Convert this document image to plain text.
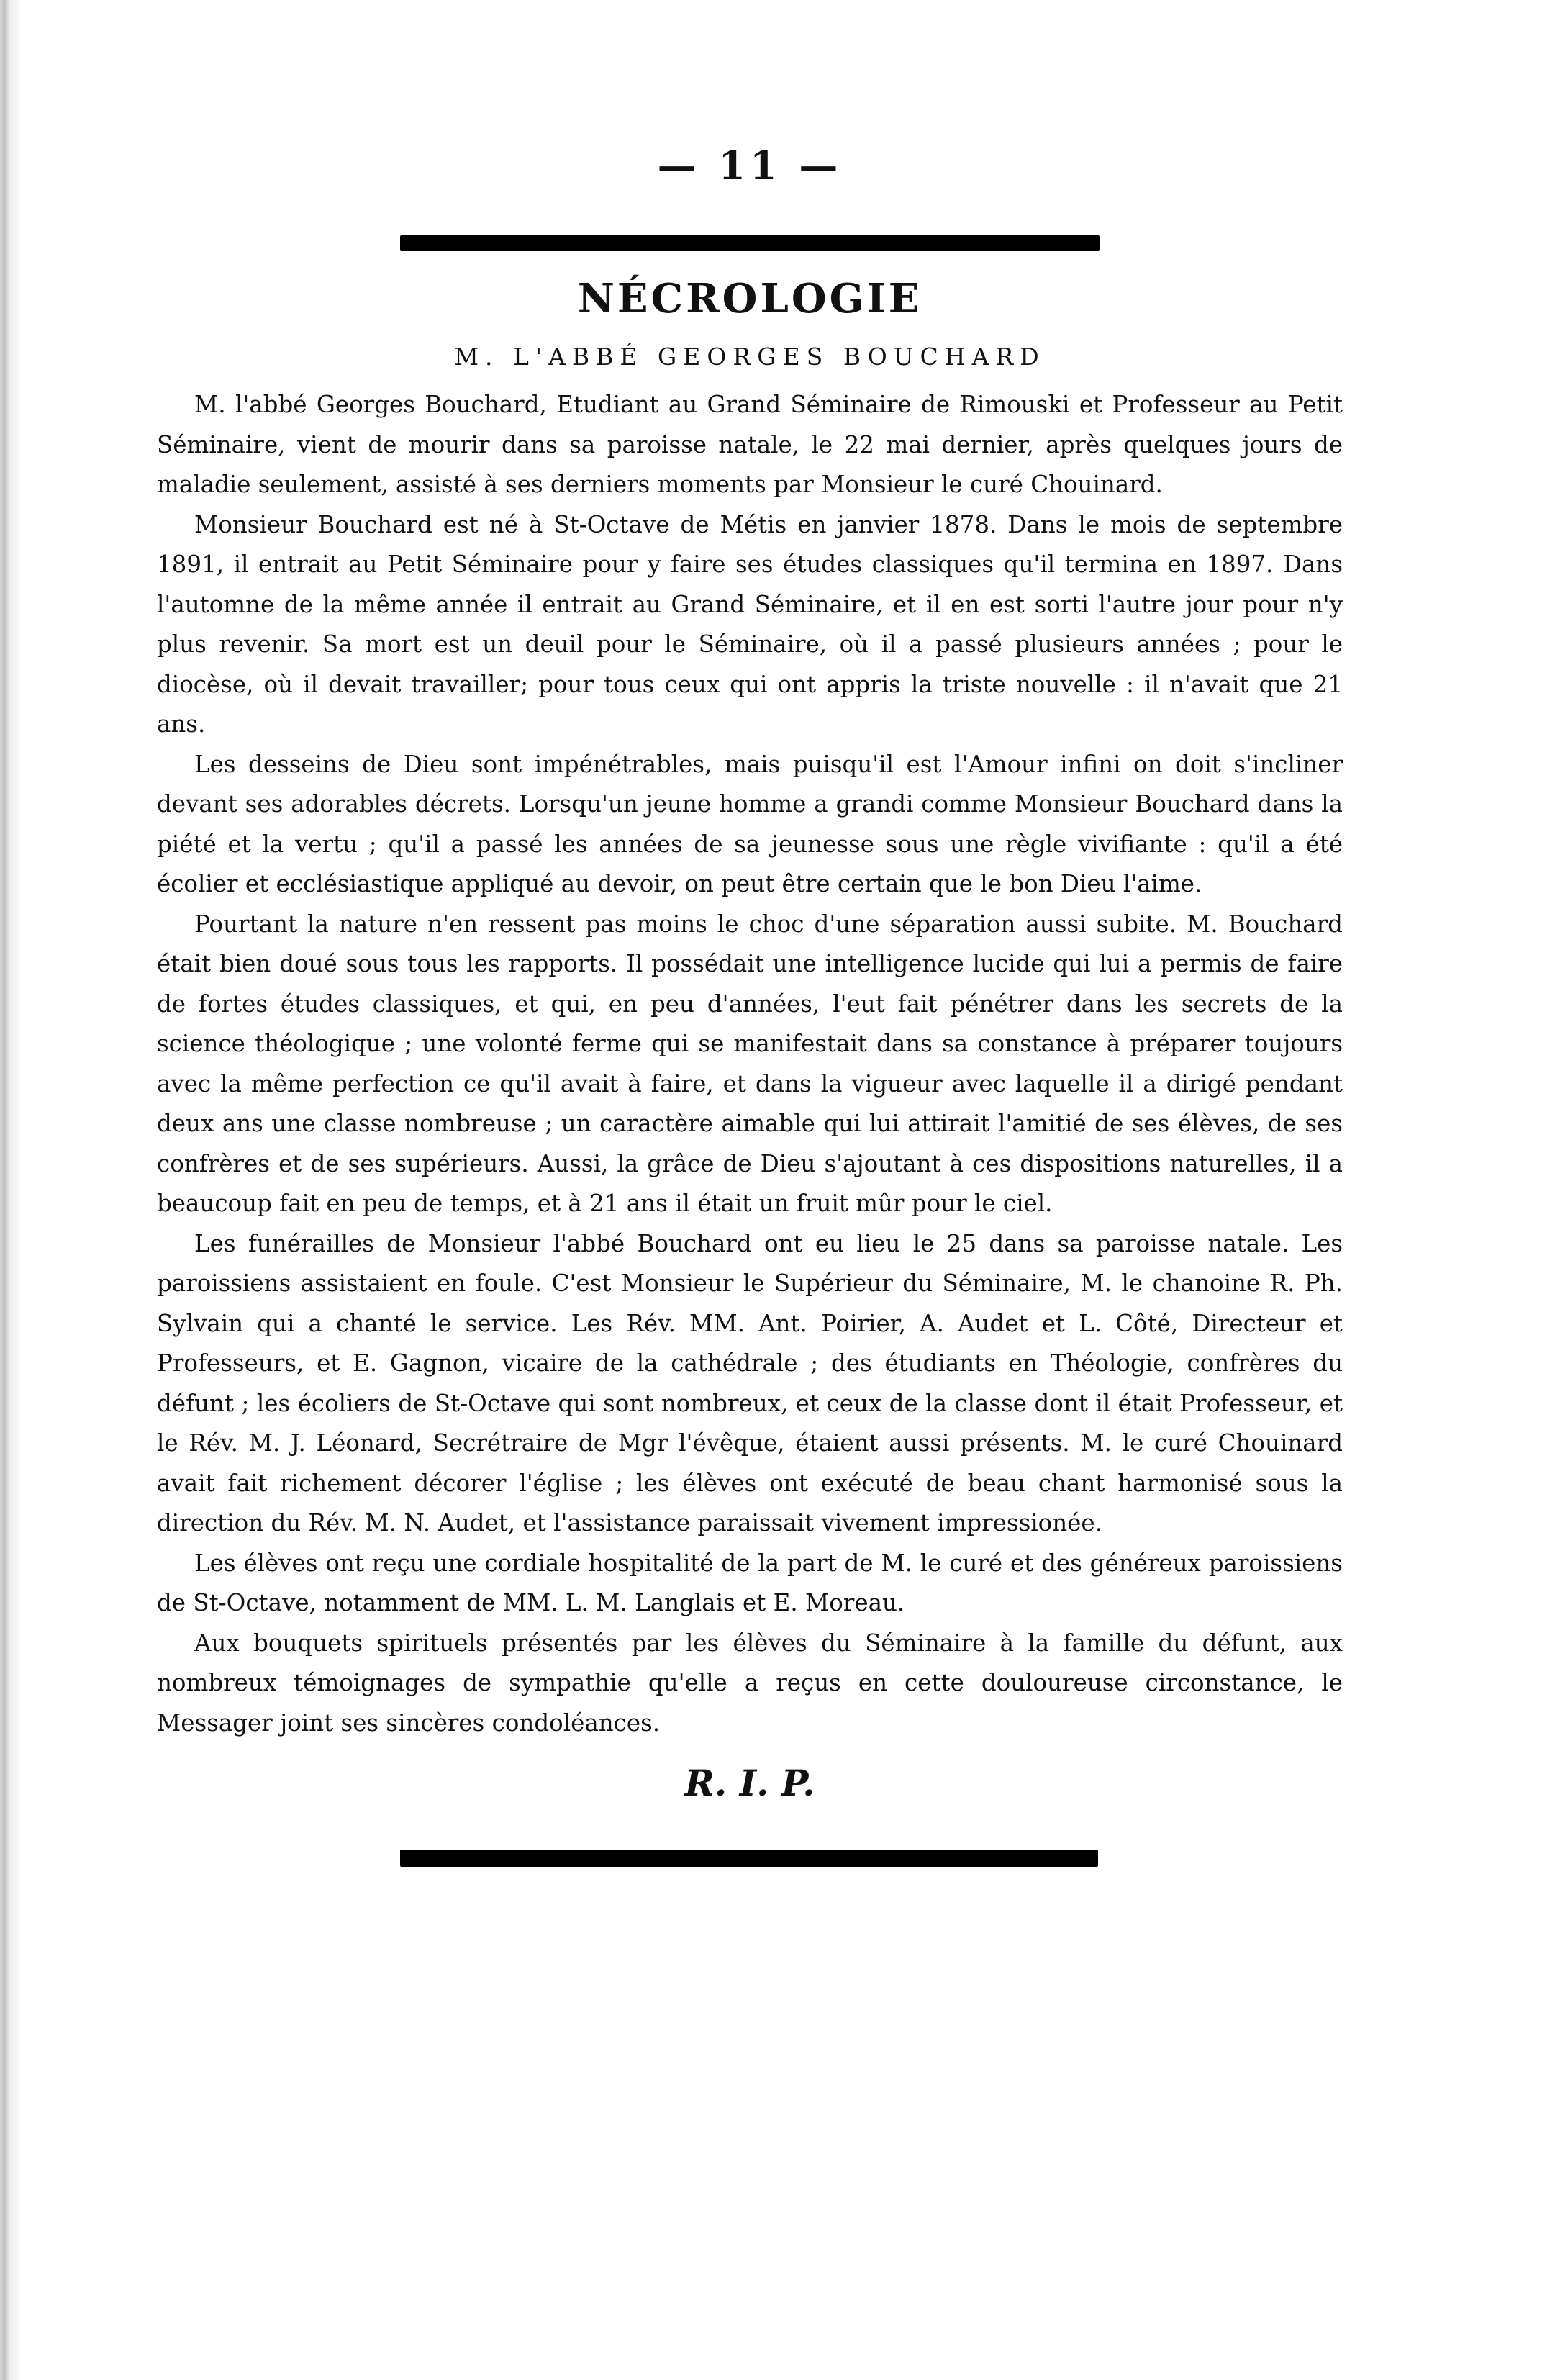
— 11 —
NÉCROLOGIE
M. L'ABBÉ GEORGES BOUCHARD

M. l'abbé Georges Bouchard, Etudiant au Grand Séminaire de Rimouski et Professeur au Petit Séminaire, vient de mourir dans sa paroisse natale, le 22 mai dernier, après quelques jours de maladie seulement, assisté à ses derniers moments par Monsieur le curé Chouinard.

Monsieur Bouchard est né à St-Octave de Métis en janvier 1878. Dans le mois de septembre 1891, il entrait au Petit Séminaire pour y faire ses études classiques qu'il termina en 1897. Dans l'automne de la même année il entrait au Grand Séminaire, et il en est sorti l'autre jour pour n'y plus revenir. Sa mort est un deuil pour le Séminaire, où il a passé plusieurs années ; pour le diocèse, où il devait travailler; pour tous ceux qui ont appris la triste nouvelle : il n'avait que 21 ans.

Les desseins de Dieu sont impénétrables, mais puisqu'il est l'Amour infini on doit s'incliner devant ses adorables décrets. Lorsqu'un jeune homme a grandi comme Monsieur Bouchard dans la piété et la vertu ; qu'il a passé les années de sa jeunesse sous une règle vivifiante : qu'il a été écolier et ecclésiastique appliqué au devoir, on peut être certain que le bon Dieu l'aime.

Pourtant la nature n'en ressent pas moins le choc d'une séparation aussi subite. M. Bouchard était bien doué sous tous les rapports. Il possédait une intelligence lucide qui lui a permis de faire de fortes études classiques, et qui, en peu d'années, l'eut fait pénétrer dans les secrets de la science théologique ; une volonté ferme qui se manifestait dans sa constance à préparer toujours avec la même perfection ce qu'il avait à faire, et dans la vigueur avec laquelle il a dirigé pendant deux ans une classe nombreuse ; un caractère aimable qui lui attirait l'amitié de ses élèves, de ses confrères et de ses supérieurs. Aussi, la grâce de Dieu s'ajoutant à ces dispositions naturelles, il a beaucoup fait en peu de temps, et à 21 ans il était un fruit mûr pour le ciel.

Les funérailles de Monsieur l'abbé Bouchard ont eu lieu le 25 dans sa paroisse natale. Les paroissiens assistaient en foule. C'est Monsieur le Supérieur du Séminaire, M. le chanoine R. Ph. Sylvain qui a chanté le service. Les Rév. MM. Ant. Poirier, A. Audet et L. Côté, Directeur et Professeurs, et E. Gagnon, vicaire de la cathédrale ; des étudiants en Théologie, confrères du défunt ; les écoliers de St-Octave qui sont nombreux, et ceux de la classe dont il était Professeur, et le Rév. M. J. Léonard, Secrétraire de Mgr l'évêque, étaient aussi présents. M. le curé Chouinard avait fait richement décorer l'église ; les élèves ont exécuté de beau chant harmonisé sous la direction du Rév. M. N. Audet, et l'assistance paraissait vivement impressionée.

Les élèves ont reçu une cordiale hospitalité de la part de M. le curé et des généreux paroissiens de St-Octave, notamment de MM. L. M. Langlais et E. Moreau.

Aux bouquets spirituels présentés par les élèves du Séminaire à la famille du défunt, aux nombreux témoignages de sympathie qu'elle a reçus en cette douloureuse circonstance, le Messager joint ses sincères condoléances.

R. I. P.
